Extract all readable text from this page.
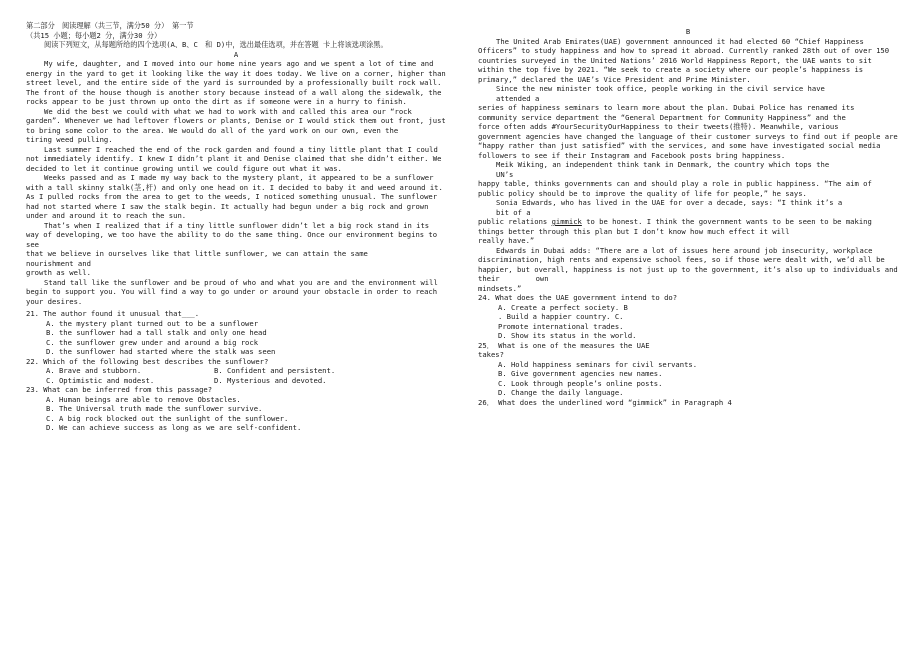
第二部分　阅读理解（共三节，满分50 分）　第一节

（共15 小题；每小题2 分，满分30 分）

阅读下列短文，从每题所给的四个选项(A、B、C　和 D)中，选出最佳选项，并在答题 卡上将该选项涂黑。

A

My wife, daughter, and I moved into our home nine years ago and we spent a lot of time and energy in the yard to get it looking like the way it does today. We live on a corner, higher than street level, and the entire side of the yard is surrounded by a professionally built rock wall. The front of the house though is another story because instead of a wall along the sidewalk, the

rocks appear to be just thrown up onto the dirt as if someone were in a hurry to finish.

We did the best we could with what we had to work with and called this area our “rock garden”. Whenever we had leftover flowers or plants, Denise or I would stick them out front, just to bring some color to the area. We would do all of the yard work on our own, even the

tiring weed pulling.

Last summer I reached the end of the rock garden and found a tiny little plant that I could not immediately identify. I knew I didn’t plant it and Denise claimed that she didn’t either. We decided to let it continue growing until we could figure out what it was.

Weeks passed and as I made my way back to the mystery plant, it appeared to be a sunflower with a tall skinny stalk(茎,杆) and only one head on it. I decided to baby it and weed around it. As I pulled rocks from the area to get to the weeds, I noticed something unusual. The sunflower had not started where I saw the stalk begin. It actually had begun under a big rock and grown under and around it to reach the sun.

That’s when I realized that if a tiny little sunflower didn’t let a big rock stand in its way of developing, we too have the ability to do the same thing. Once our environment begins to see

that we believe in ourselves like that little sunflower, we can attain the same

nourishment and

growth as well.

Stand tall like the sunflower and be proud of who and what you are and the environment will begin to support you. You will find a way to go under or around your obstacle in order to reach your desires.

21. The author found it unusual that___.

A. the mystery plant turned out to be a sunflower

B. the sunflower had a tall stalk and only one head

C. the sunflower grew under and around a big rock

D. the sunflower had started where the stalk was seen

22. Which of the following best describes the sunflower?

A. Brave and stubborn.	B. Confident and persistent.
C. Optimistic and modest.	D. Mysterious and devoted.

23. What can be inferred from this passage?

A. Human beings are able to remove Obstacles.

B. The Universal truth made the sunflower survive.

C. A big rock blocked out the sunlight of the sunflower.

D. We can achieve success as long as we are self-confident.

B

The United Arab Emirates(UAE) government announced it had elected 60 “Chief Happiness Officers” to study happiness and how to spread it abroad. Currently ranked 28th out of over 150

countries surveyed in the United Nations’ 2016 World Happiness Report, the UAE wants to sit within the top five by 2021. “We seek to create a society where our people’s happiness is primary,” declared the UAE’s Vice President and Prime Minister.

Since the new minister took office, people working in the civil service have

attended a

series of happiness seminars to learn more about the plan. Dubai Police has renamed its

community service department the “General Department for Community Happiness” and the

force often adds #YourSecurityOurHappiness to their tweets(推特). Meanwhile, various

government agencies have changed the language of their customer surveys to find out if people are “happy rather than just satisfied” with the services, and some have investigated social media followers to see if their Instagram and Facebook posts bring happiness.

Meik Wiking, an independent think tank in Denmark, the country which tops the

UN’s

happy table, thinks governments can and should play a role in public happiness. “The aim of public policy should be to improve the quality of life for people,” he says.

Sonia Edwards, who has lived in the UAE for over a decade, says: “I think it’s a

bit of a

public relations gimmick to be honest. I think the government wants to be seen to be making

things better through this plan but I don’t know how much effect it will

really have.”

Edwards in Dubai adds: “There are a lot of issues here around job insecurity, workplace discrimination, high rents and expensive school fees, so if those were dealt with, we’d all be happier, but overall, happiness is not just up to the government, it’s also up to individuals and

their　　　　　own

mindsets.”

24. What does the UAE government intend to do?

A. Create a perfect society. B

. Build a happier country. C.

Promote international trades.

D. Show its status in the world.

25． What is one of the measures the UAE

takes?

A. Hold happiness seminars for civil servants.

B. Give government agencies new names.

C. Look through people’s online posts.

D. Change the daily language.

26． What does the underlined word “gimmick” in Paragraph 4
